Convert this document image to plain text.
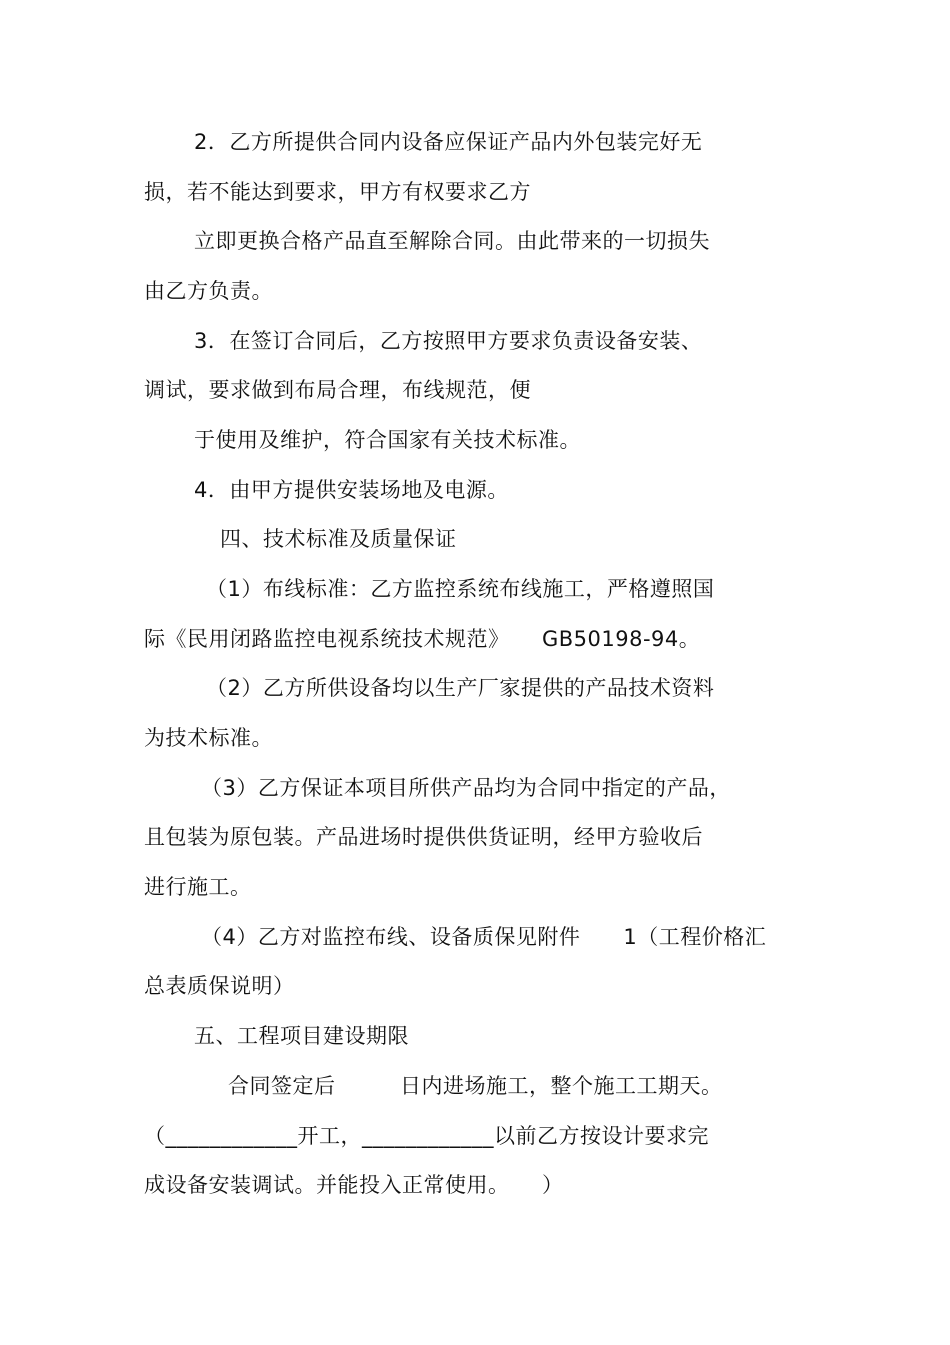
2．乙方所提供合同内设备应保证产品内外包装完好无
损，若不能达到要求，甲方有权要求乙方
立即更换合格产品直至解除合同。由此带来的一切损失
由乙方负责。
3．在签订合同后，乙方按照甲方要求负责设备安装、
调试，要求做到布局合理，布线规范，便
于使用及维护，符合国家有关技术标准。
4．由甲方提供安装场地及电源。
四、技术标准及质量保证
（1）布线标准：乙方监控系统布线施工，严格遵照国
际《民用闭路监控电视系统技术规范》　　GB50198-94。
（2）乙方所供设备均以生产厂家提供的产品技术资料
为技术标准。
（3）乙方保证本项目所供产品均为合同中指定的产品，
且包装为原包装。产品进场时提供供货证明，经甲方验收后
进行施工。
（4）乙方对监控布线、设备质保见附件　　1（工程价格汇
总表质保说明）
五、工程项目建设期限
合同签定后　　　日内进场施工，整个施工工期天。
（____________开工，____________以前乙方按设计要求完
成设备安装调试。并能投入正常使用。　　）
